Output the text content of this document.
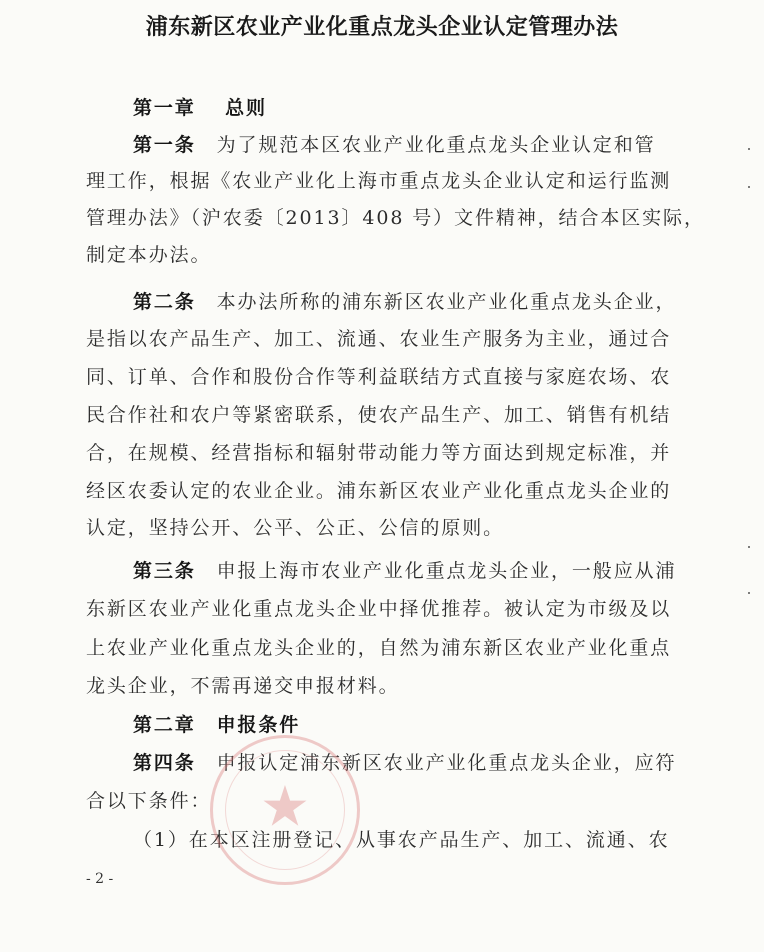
浦东新区农业产业化重点龙头企业认定管理办法
第一章　 总则
第一条　 为了规范本区农业产业化重点龙头企业认定和管
理工作，根据《农业产业化上海市重点龙头企业认定和运行监测
管理办法》（沪农委〔2013〕408 号）文件精神，结合本区实际，
制定本办法。
第二条　 本办法所称的浦东新区农业产业化重点龙头企业，
是指以农产品生产、加工、流通、农业生产服务为主业，通过合
同、订单、合作和股份合作等利益联结方式直接与家庭农场、农
民合作社和农户等紧密联系，使农产品生产、加工、销售有机结
合，在规模、经营指标和辐射带动能力等方面达到规定标准，并
经区农委认定的农业企业。浦东新区农业产业化重点龙头企业的
认定，坚持公开、公平、公正、公信的原则。
第三条　 申报上海市农业产业化重点龙头企业，一般应从浦
东新区农业产业化重点龙头企业中择优推荐。被认定为市级及以
上农业产业化重点龙头企业的，自然为浦东新区农业产业化重点
龙头企业，不需再递交申报材料。
第二章　申报条件
第四条　 申报认定浦东新区农业产业化重点龙头企业，应符
合以下条件：
（1）在本区注册登记、从事农产品生产、加工、流通、农
- 2 -
★
